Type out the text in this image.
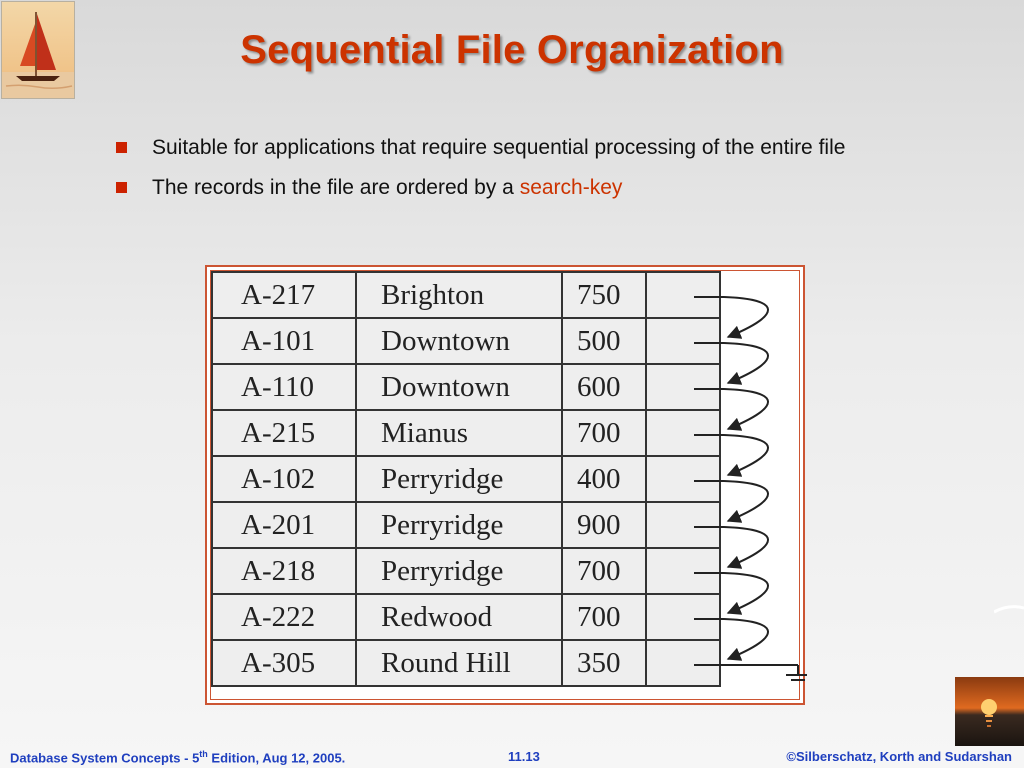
Sequential File Organization
Suitable for applications that require sequential processing of the entire file
The records in the file are ordered by a search-key
A-217	Brighton	750	
A-101	Downtown	500	
A-110	Downtown	600	
A-215	Mianus	700	
A-102	Perryridge	400	
A-201	Perryridge	900	
A-218	Perryridge	700	
A-222	Redwood	700	
A-305	Round Hill	350	
Database System Concepts - 5th Edition, Aug 12, 2005.	11.13	©Silberschatz, Korth and Sudarshan
